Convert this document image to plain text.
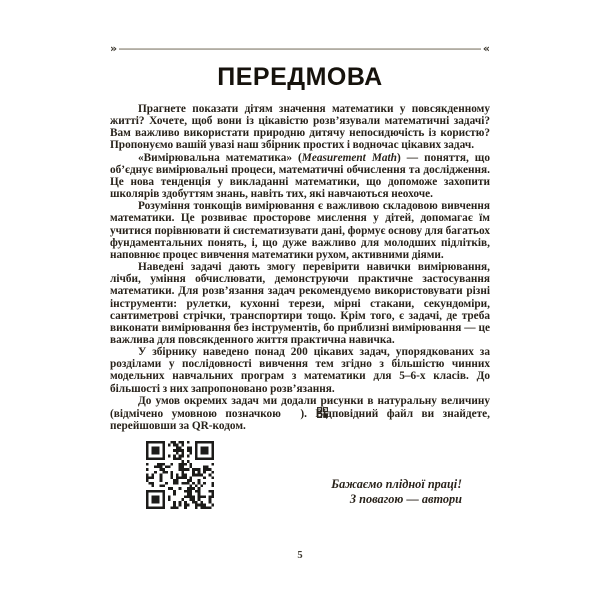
»	«
ПЕРЕДМОВА

Прагнете показати дітям значення математики у повсякденному житті? Хочете, щоб вони із цікавістю розв’язували математичні задачі? Вам важливо використати природню дитячу непосидючість із користю? Пропонуємо вашій увазі наш збірник простих і водночас цікавих задач.

«Вимірювальна математика» (Measurement Math) — поняття, що об’єднує вимірювальні процеси, математичні обчислення та дослідження. Це нова тенденція у викладанні математики, що допоможе захопити школярів здобуттям знань, навіть тих, які навчаються неохоче.

Розуміння тонкощів вимірювання є важливою складовою вивчення математики. Це розвиває просторове мислення у дітей, допомагає їм учитися порівнювати й систематизувати дані, формує основу для багатьох фундаментальних понять, і, що дуже важливо для молодших підлітків, наповнює процес вивчення математики рухом, активними діями.

Наведені задачі дають змогу перевірити навички вимірювання, лічби, уміння обчислювати, демонструючи практичне застосування математики. Для розв’язання задач рекомендуємо використовувати різні інструменти: рулетки, кухонні терези, мірні стакани, секундоміри, сантиметрові стрічки, транспортири тощо. Крім того, є задачі, де треба виконати вимірювання без інструментів, бо приблизні вимірювання — це важлива для повсякденного життя практична навичка.

У збірнику наведено понад 200 цікавих задач, упорядкованих за розділами у послідовності вивчення тем згідно з більшістю чинних модельних навчальних програм з математики для 5–6-х класів. До більшості з них запропоновано розв’язання.

До умов окремих задач ми додали рисунки в натуральну величину (відмічено умовною позначкою ). Відповідний файл ви знайдете, перейшовши за QR-кодом.

Бажаємо плідної праці!
З повагою — автори
5
